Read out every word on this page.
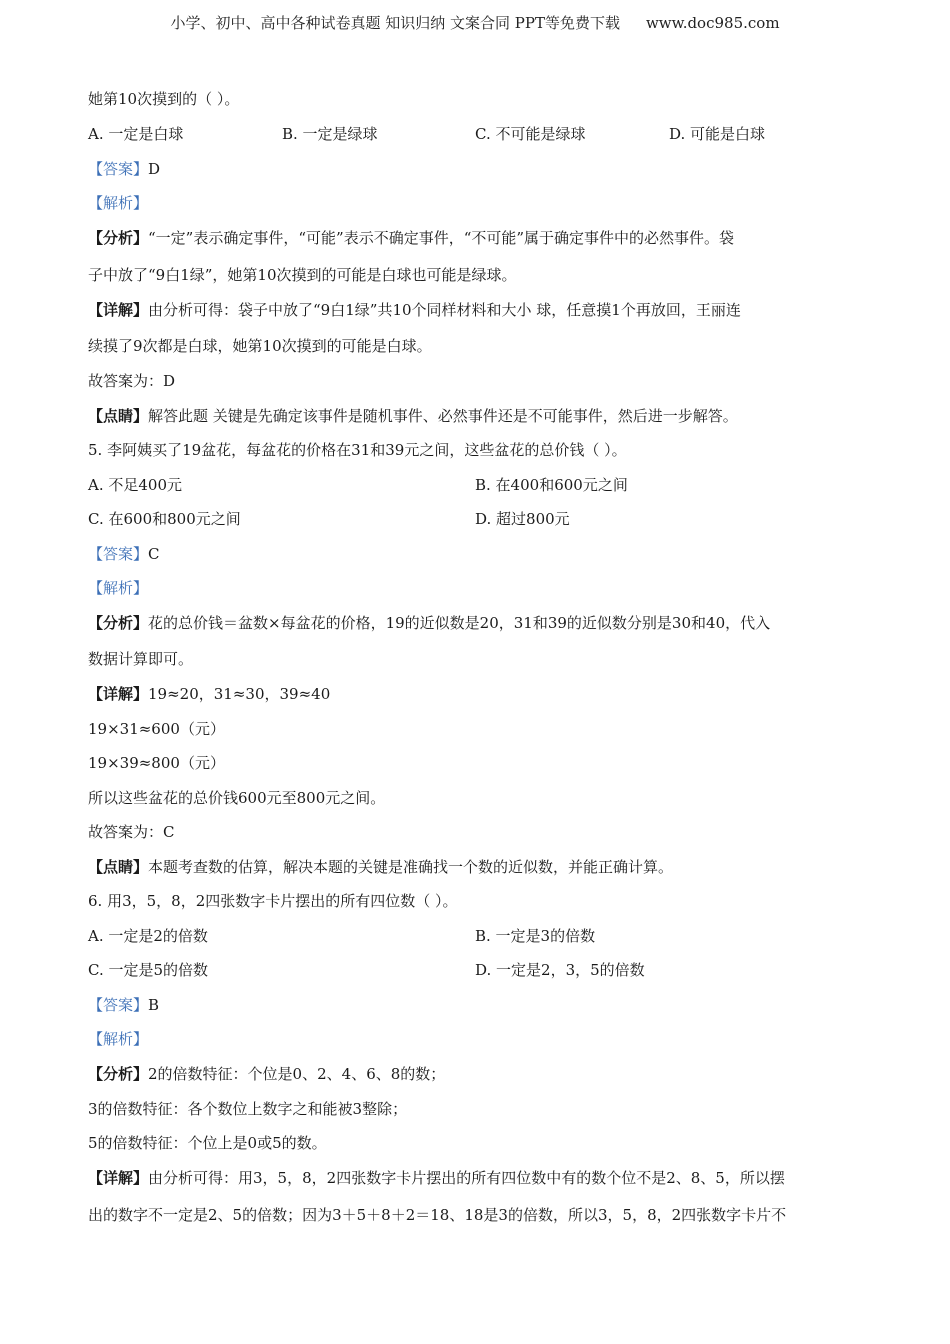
小学、初中、高中各种试卷真题 知识归纳 文案合同 PPT等免费下载 www.doc985.com
她第10次摸到的（ ）。
A. 一定是白球	B. 一定是绿球	C. 不可能是绿球	D. 可能是白球
【答案】D
【解析】
【分析】“一定”表示确定事件，“可能”表示不确定事件，“不可能”属于确定事件中的必然事件。袋
子中放了“9白1绿”，她第10次摸到的可能是白球也可能是绿球。
【详解】由分析可得：袋子中放了“9白1绿”共10个同样材料和大小 球，任意摸1个再放回，王丽连
续摸了9次都是白球，她第10次摸到的可能是白球。
故答案为：D
【点睛】解答此题 关键是先确定该事件是随机事件、必然事件还是不可能事件，然后进一步解答。
5. 李阿姨买了19盆花，每盆花的价格在31和39元之间，这些盆花的总价钱（ ）。
A. 不足400元	B. 在400和600元之间
C. 在600和800元之间	D. 超过800元
【答案】C
【解析】
【分析】花的总价钱＝盆数×每盆花的价格，19的近似数是20，31和39的近似数分别是30和40，代入
数据计算即可。
【详解】19≈20，31≈30，39≈40
19×31≈600（元）
19×39≈800（元）
所以这些盆花的总价钱600元至800元之间。
故答案为：C
【点睛】本题考查数的估算，解决本题的关键是准确找一个数的近似数，并能正确计算。
6. 用3，5，8，2四张数字卡片摆出的所有四位数（ ）。
A. 一定是2的倍数	B. 一定是3的倍数
C. 一定是5的倍数	D. 一定是2，3，5的倍数
【答案】B
【解析】
【分析】2的倍数特征：个位是0、2、4、6、8的数；
3的倍数特征：各个数位上数字之和能被3整除；
5的倍数特征：个位上是0或5的数。
【详解】由分析可得：用3，5，8，2四张数字卡片摆出的所有四位数中有的数个位不是2、8、5，所以摆
出的数字不一定是2、5的倍数；因为3＋5＋8＋2＝18、18是3的倍数，所以3，5，8，2四张数字卡片不
